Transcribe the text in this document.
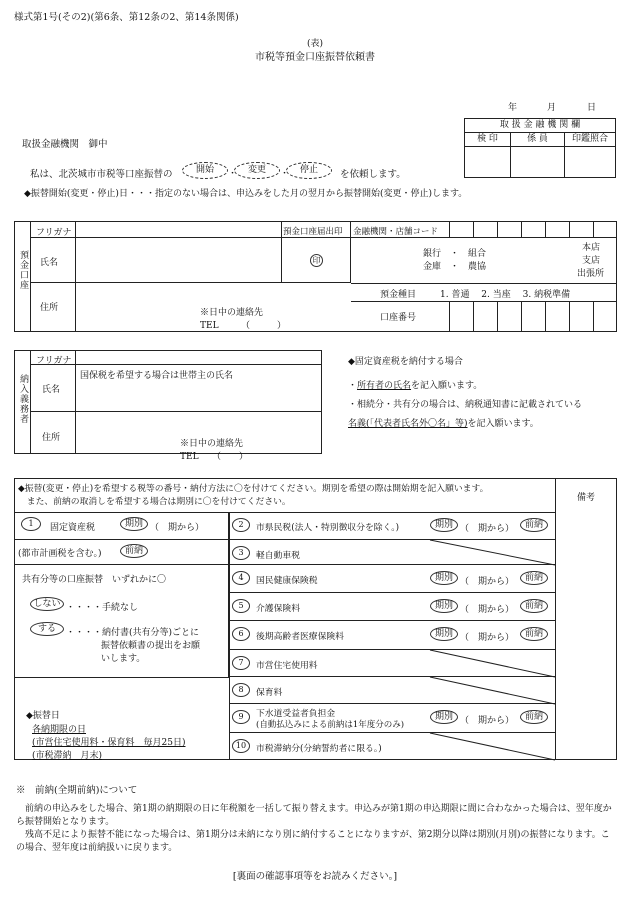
様式第1号(その2)(第6条、第12条の2、第14条関係)
(表)
市税等預金口座振替依頼書
年	月	日
取扱金融機関　御中
取 扱 金 融 機 関 欄
検 印	係 員	印鑑照合
私は、北茨城市市税等口座振替の	開始	・	変更	・	停止	を依頼します。
◆振替開始(変更・停止)日・・・指定のない場合は、申込みをした月の翌月から振替開始(変更・停止)します。
預金口座
フリガナ
氏名
住所
預金口座届出印
印
金融機関・店舗コード
銀行　・　組合
金庫　・　農協
本店
支店
出張所
預金種目	1. 普通　 2. 当座　 3. 納税準備
口座番号
※日中の連絡先
TEL　　　（　　　）
納入義務者
フリガナ
氏名
国保税を希望する場合は世帯主の氏名
住所
※日中の連絡先
TEL　　（　　）
◆固定資産税を納付する場合
・所有者の氏名を記入願います。
・相続分・共有分の場合は、納税通知書に記載されている
名義(「代表者氏名外〇名」等)を記入願います。
◆振替(変更・停止)を希望する税等の番号・納付方法に〇を付けてください。期別を希望の際は開始期を記入願います。
　また、前納の取消しを希望する場合は期別に〇を付けてください。	備考
1	固定資産税	期別 （　期から）
(都市計画税を含む。)	前納
共有分等の口座振替　いずれかに〇
しない ・・・・手続なし
する	・・・・納付書(共有分等)ごとに
振替依頼書の提出をお願
いします。
2	市県民税(法人・特別徴収分を除く。)	期別 （　期から）	前納
3	軽自動車税
4	国民健康保険税	期別 （　期から）	前納
5	介護保険料	期別 （　期から）	前納
6	後期高齢者医療保険料	期別 （　期から）	前納
7	市営住宅使用料
8	保育料
9	下水道受益者負担金
(自動払込みによる前納は1年度分のみ)
期別 （　期から）	前納
10	市税滞納分(分納誓約者に限る。)
◆振替日
各納期限の日
(市営住宅使用料・保育料　毎月25日)
(市税滞納　月末)
※　前納(全期前納)について
　前納の申込みをした場合、第1期の納期限の日に年税額を一括して振り替えます。申込みが第1期の申込期限に間に合わなかった場合は、翌年度から振替開始となります。
　残高不足により振替不能になった場合は、第1期分は未納になり別に納付することになりますが、第2期分以降は期別(月別)の振替になります。この場合、翌年度は前納扱いに戻ります。
[裏面の確認事項等をお読みください。]
